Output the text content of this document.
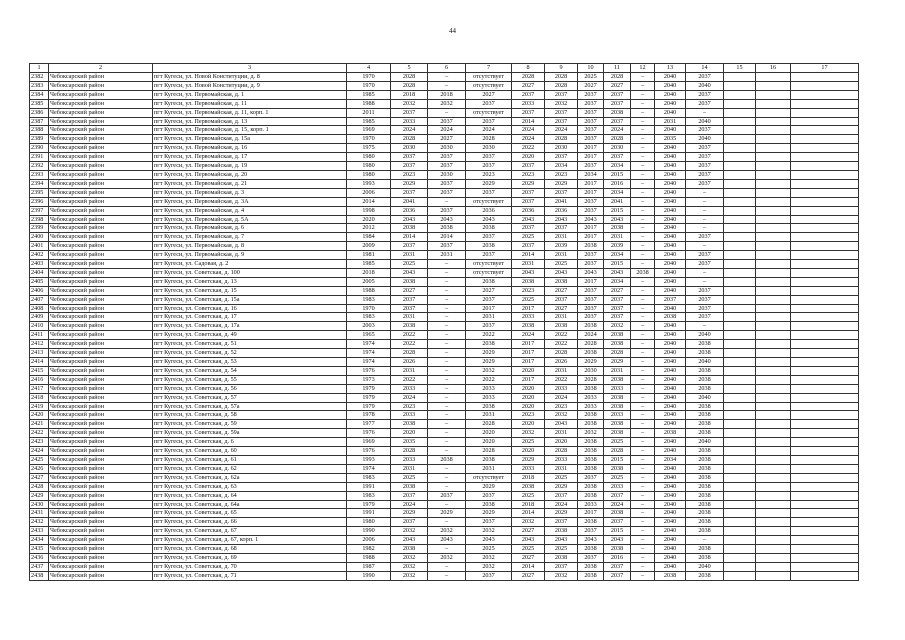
44
1	2	3	4	5	6	7	8	9	10	11	12	13	14	15	16	17
2382	Чебоксарский район	пгт Кугеси, ул. Новой Конституции, д. 8	1970	2028	–	отсутствует	2028	2028	2025	2028	–	2040	2037			
2383	Чебоксарский район	пгт Кугеси, ул. Новой Конституции, д. 9	1970	2028	–	отсутствует	2027	2028	2027	2027	–	2040	2040			
2384	Чебоксарский район	пгт Кугеси, ул. Первомайская, д. 1	1985	2018	2018	2027	2037	2037	2037	2037	–	2040	2037			
2385	Чебоксарский район	пгт Кугеси, ул. Первомайская, д. 11	1988	2032	2032	2037	2033	2032	2037	2037	–	2040	2037			
2386	Чебоксарский район	пгт Кугеси, ул. Первомайская, д. 11, корп. 1	2011	2037	–	отсутствует	2037	2037	2037	2038	–	2040	–			
2387	Чебоксарский район	пгт Кугеси, ул. Первомайская, д. 13	1985	2033	2037	2037	2014	2037	2037	2037	–	2031	2040			
2388	Чебоксарский район	пгт Кугеси, ул. Первомайская, д. 15, корп. 1	1969	2024	2024	2024	2024	2024	2037	2024	–	2040	2037			
2389	Чебоксарский район	пгт Кугеси, ул. Первомайская, д. 15а	1970	2028	2027	2028	2024	2028	2037	2028	–	2035	2040			
2390	Чебоксарский район	пгт Кугеси, ул. Первомайская, д. 16	1975	2030	2030	2030	2022	2030	2017	2030	–	2040	2037			
2391	Чебоксарский район	пгт Кугеси, ул. Первомайская, д. 17	1980	2037	2037	2037	2020	2037	2017	2037	–	2040	2037			
2392	Чебоксарский район	пгт Кугеси, ул. Первомайская, д. 19	1980	2037	2037	2037	2037	2034	2037	2034	–	2040	2037			
2393	Чебоксарский район	пгт Кугеси, ул. Первомайская, д. 20	1980	2023	2030	2023	2023	2023	2034	2015	–	2040	2037			
2394	Чебоксарский район	пгт Кугеси, ул. Первомайская, д. 21	1993	2029	2037	2029	2029	2029	2017	2016	–	2040	2037			
2395	Чебоксарский район	пгт Кугеси, ул. Первомайская, д. 3	2006	2037	2037	2037	2037	2037	2017	2034	–	2040	–			
2396	Чебоксарский район	пгт Кугеси, ул. Первомайская, д. 3А	2014	2041	–	отсутствует	2037	2041	2037	2041	–	2040	–			
2397	Чебоксарский район	пгт Кугеси, ул. Первомайская, д. 4	1998	2036	2037	2036	2036	2036	2037	2015	–	2040	–			
2398	Чебоксарский район	пгт Кугеси, ул. Первомайская, д. 5А	2020	2043	2043	2043	2043	2043	2043	2043	–	2040	–			
2399	Чебоксарский район	пгт Кугеси, ул. Первомайская, д. 6	2012	2038	2038	2038	2037	2037	2017	2038	–	2040	–			
2400	Чебоксарский район	пгт Кугеси, ул. Первомайская, д. 7	1984	2014	2014	2037	2025	2031	2017	2031	–	2040	2037			
2401	Чебоксарский район	пгт Кугеси, ул. Первомайская, д. 8	2009	2037	2037	2038	2037	2039	2038	2039	–	2040	–			
2402	Чебоксарский район	пгт Кугеси, ул. Первомайская, д. 9	1981	2031	2031	2037	2014	2031	2037	2034	–	2040	2037			
2403	Чебоксарский район	пгт Кугеси, ул. Садовая, д. 2	1985	2025	–	отсутствует	2031	2025	2037	2015	–	2040	2037			
2404	Чебоксарский район	пгт Кугеси, ул. Советская, д. 100	2018	2043	–	отсутствует	2043	2043	2043	2043	2038	2040	–			
2405	Чебоксарский район	пгт Кугеси, ул. Советская, д. 13	2005	2038	–	2038	2038	2038	2017	2034	–	2040	–			
2406	Чебоксарский район	пгт Кугеси, ул. Советская, д. 15	1988	2027	–	2027	2023	2027	2037	2027	–	2040	2037			
2407	Чебоксарский район	пгт Кугеси, ул. Советская, д. 15а	1983	2037	–	2037	2025	2037	2037	2037	–	2037	2037			
2408	Чебоксарский район	пгт Кугеси, ул. Советская, д. 16	1970	2037	–	2017	2017	2027	2037	2037	–	2040	2037			
2409	Чебоксарский район	пгт Кугеси, ул. Советская, д. 17	1983	2031	–	2031	2033	2031	2037	2037	–	2038	2037			
2410	Чебоксарский район	пгт Кугеси, ул. Советская, д. 17а	2003	2038	–	2037	2038	2038	2038	2032	–	2040	–			
2411	Чебоксарский район	пгт Кугеси, ул. Советская, д. 49	1965	2022	–	2022	2024	2022	2024	2038	–	2040	2040			
2412	Чебоксарский район	пгт Кугеси, ул. Советская, д. 51	1974	2022	–	2038	2017	2022	2028	2038	–	2040	2038			
2413	Чебоксарский район	пгт Кугеси, ул. Советская, д. 52	1974	2028	–	2029	2017	2028	2038	2028	–	2040	2038			
2414	Чебоксарский район	пгт Кугеси, ул. Советская, д. 53	1974	2026	–	2029	2017	2026	2029	2029	–	2040	2040			
2415	Чебоксарский район	пгт Кугеси, ул. Советская, д. 54	1976	2031	–	2032	2020	2031	2030	2031	–	2040	2038			
2416	Чебоксарский район	пгт Кугеси, ул. Советская, д. 55	1973	2022	–	2022	2017	2022	2028	2038	–	2040	2038			
2417	Чебоксарский район	пгт Кугеси, ул. Советская, д. 56	1979	2033	–	2033	2020	2033	2038	2033	–	2040	2038			
2418	Чебоксарский район	пгт Кугеси, ул. Советская, д. 57	1979	2024	–	2033	2020	2024	2033	2038	–	2040	2040			
2419	Чебоксарский район	пгт Кугеси, ул. Советская, д. 57а	1979	2023	–	2038	2020	2023	2033	2038	–	2040	2038			
2420	Чебоксарский район	пгт Кугеси, ул. Советская, д. 58	1978	2033	–	2031	2023	2032	2038	2033	–	2040	2038			
2421	Чебоксарский район	пгт Кугеси, ул. Советская, д. 59	1977	2038	–	2028	2020	2043	2038	2038	–	2040	2038			
2422	Чебоксарский район	пгт Кугеси, ул. Советская, д. 59а	1976	2020	–	2020	2032	2031	2032	2038	–	2038	2038			
2423	Чебоксарский район	пгт Кугеси, ул. Советская, д. 6	1969	2035	–	2020	2025	2020	2038	2025	–	2040	2040			
2424	Чебоксарский район	пгт Кугеси, ул. Советская, д. 60	1976	2028	–	2028	2020	2028	2038	2028	–	2040	2038			
2425	Чебоксарский район	пгт Кугеси, ул. Советская, д. 61	1993	2033	2038	2038	2029	2033	2038	2015	–	2034	2038			
2426	Чебоксарский район	пгт Кугеси, ул. Советская, д. 62	1974	2031	–	2031	2033	2031	2038	2038	–	2040	2038			
2427	Чебоксарский район	пгт Кугеси, ул. Советская, д. 62а	1983	2025	–	отсутствует	2018	2025	2037	2025	–	2040	2038			
2428	Чебоксарский район	пгт Кугеси, ул. Советская, д. 63	1991	2038	–	2029	2038	2029	2038	2033	–	2040	2038			
2429	Чебоксарский район	пгт Кугеси, ул. Советская, д. 64	1983	2037	2037	2037	2025	2037	2038	2037	–	2040	2038			
2430	Чебоксарский район	пгт Кугеси, ул. Советская, д. 64а	1979	2024	–	2038	2018	2024	2033	2024	–	2040	2038			
2431	Чебоксарский район	пгт Кугеси, ул. Советская, д. 65	1991	2029	2029	2029	2014	2029	2017	2038	–	2040	2038			
2432	Чебоксарский район	пгт Кугеси, ул. Советская, д. 66	1980	2037	–	2037	2032	2037	2038	2037	–	2040	2038			
2433	Чебоксарский район	пгт Кугеси, ул. Советская, д. 67	1990	2032	2032	2032	2027	2038	2037	2015	–	2040	2038			
2434	Чебоксарский район	пгт Кугеси, ул. Советская, д. 67, корп. 1	2006	2043	2043	2043	2043	2043	2043	2043	–	2040	–			
2435	Чебоксарский район	пгт Кугеси, ул. Советская, д. 68	1982	2038	–	2025	2025	2025	2038	2038	–	2040	2038			
2436	Чебоксарский район	пгт Кугеси, ул. Советская, д. 69	1988	2032	2032	2032	2027	2038	2037	2016	–	2040	2038			
2437	Чебоксарский район	пгт Кугеси, ул. Советская, д. 70	1987	2032	–	2032	2014	2037	2038	2037	–	2040	2040			
2438	Чебоксарский район	пгт Кугеси, ул. Советская, д. 71	1990	2032	–	2037	2027	2032	2038	2037	–	2038	2038			
